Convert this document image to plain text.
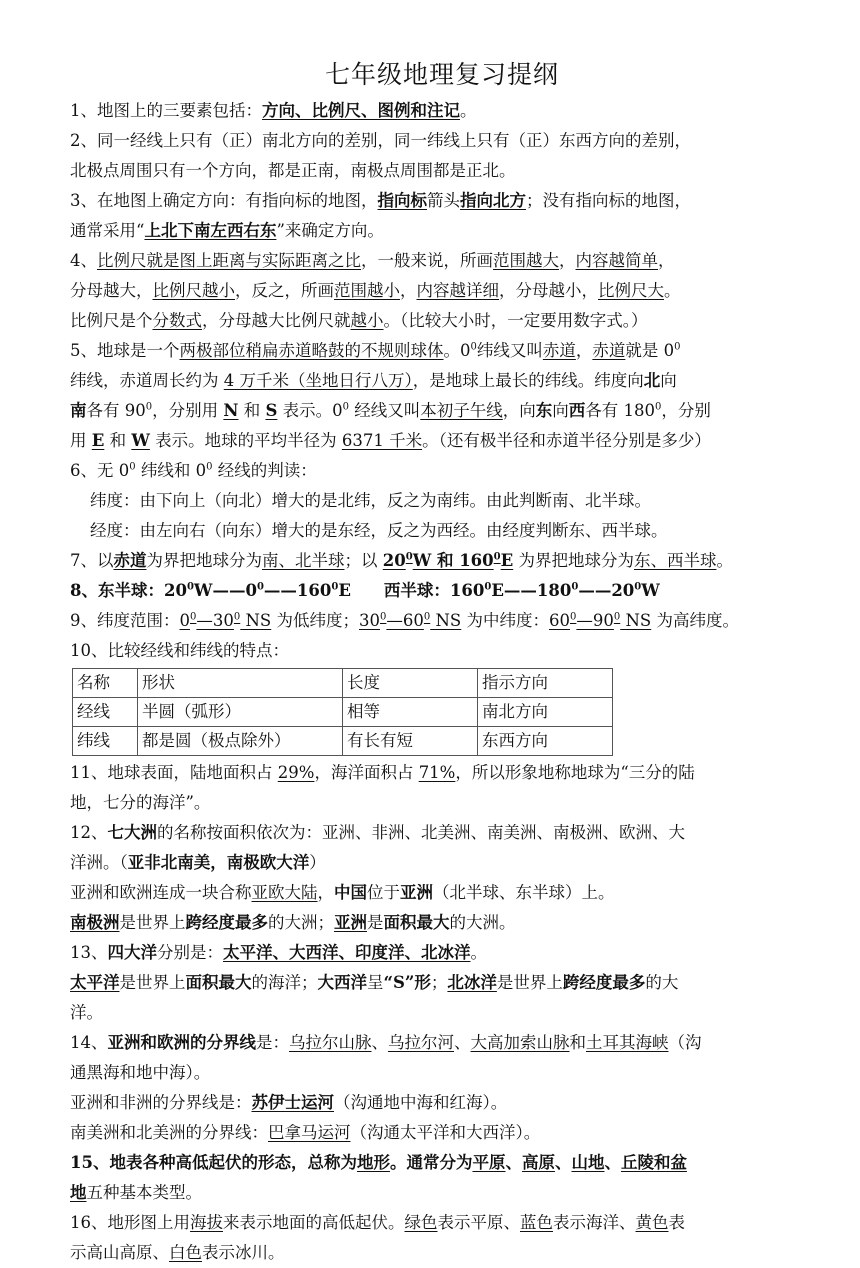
七年级地理复习提纲
1、地图上的三要素包括：方向、比例尺、图例和注记。
2、同一经线上只有（正）南北方向的差别，同一纬线上只有（正）东西方向的差别，
北极点周围只有一个方向，都是正南，南极点周围都是正北。
3、在地图上确定方向：有指向标的地图，指向标箭头指向北方；没有指向标的地图，
通常采用“上北下南左西右东”来确定方向。
4、比例尺就是图上距离与实际距离之比，一般来说，所画范围越大，内容越简单，
分母越大，比例尺越小，反之，所画范围越小，内容越详细，分母越小，比例尺大。
比例尺是个分数式，分母越大比例尺就越小。（比较大小时，一定要用数字式。）
5、地球是一个两极部位稍扁赤道略鼓的不规则球体。$0^0$纬线又叫赤道，赤道就是 $0^0$
纬线，赤道周长约为 4 万千米（坐地日行八万），是地球上最长的纬线。纬度向北向
南各有 $90^0$，分别用 N 和 S 表示。$0^0$ 经线又叫本初子午线，向东向西各有 $180^0$，分别
用 E 和 W 表示。地球的平均半径为 6371 千米。（还有极半径和赤道半径分别是多少）
6、无 $0^0$ 纬线和 $0^0$ 经线的判读：
纬度：由下向上（向北）增大的是北纬，反之为南纬。由此判断南、北半球。
经度：由左向右（向东）增大的是东经，反之为西经。由经度判断东、西半球。
7、以赤道为界把地球分为南、北半球；以 $20^0W$ 和 $160^0E$ 为界把地球分为东、西半球。
8、东半球：$20^0W——0^0——160^0E$　　西半球：$160^0E——180^0——20^0W$
9、纬度范围：$0^0—30^0$ NS 为低纬度；$30^0—60^0$ NS 为中纬度：$60^0—90^0$ NS 为高纬度。
10、比较经线和纬线的特点：
名称	形状	长度	指示方向
经线	半圆（弧形）	相等	南北方向
纬线	都是圆（极点除外）	有长有短	东西方向
11、地球表面，陆地面积占 29%，海洋面积占 71%，所以形象地称地球为“三分的陆
地，七分的海洋”。
12、七大洲的名称按面积依次为：亚洲、非洲、北美洲、南美洲、南极洲、欧洲、大
洋洲。（亚非北南美，南极欧大洋）
亚洲和欧洲连成一块合称亚欧大陆，中国位于亚洲（北半球、东半球）上。
南极洲是世界上跨经度最多的大洲；亚洲是面积最大的大洲。
13、四大洋分别是：太平洋、大西洋、印度洋、北冰洋。
太平洋是世界上面积最大的海洋；大西洋呈“S”形；北冰洋是世界上跨经度最多的大
洋。
14、亚洲和欧洲的分界线是：乌拉尔山脉、乌拉尔河、大高加索山脉和土耳其海峡（沟
通黑海和地中海）。
亚洲和非洲的分界线是：苏伊士运河（沟通地中海和红海）。
南美洲和北美洲的分界线：巴拿马运河（沟通太平洋和大西洋）。
15、地表各种高低起伏的形态，总称为地形。通常分为平原、高原、山地、丘陵和盆
地五种基本类型。
16、地形图上用海拔来表示地面的高低起伏。绿色表示平原、蓝色表示海洋、黄色表
示高山高原、白色表示冰川。
